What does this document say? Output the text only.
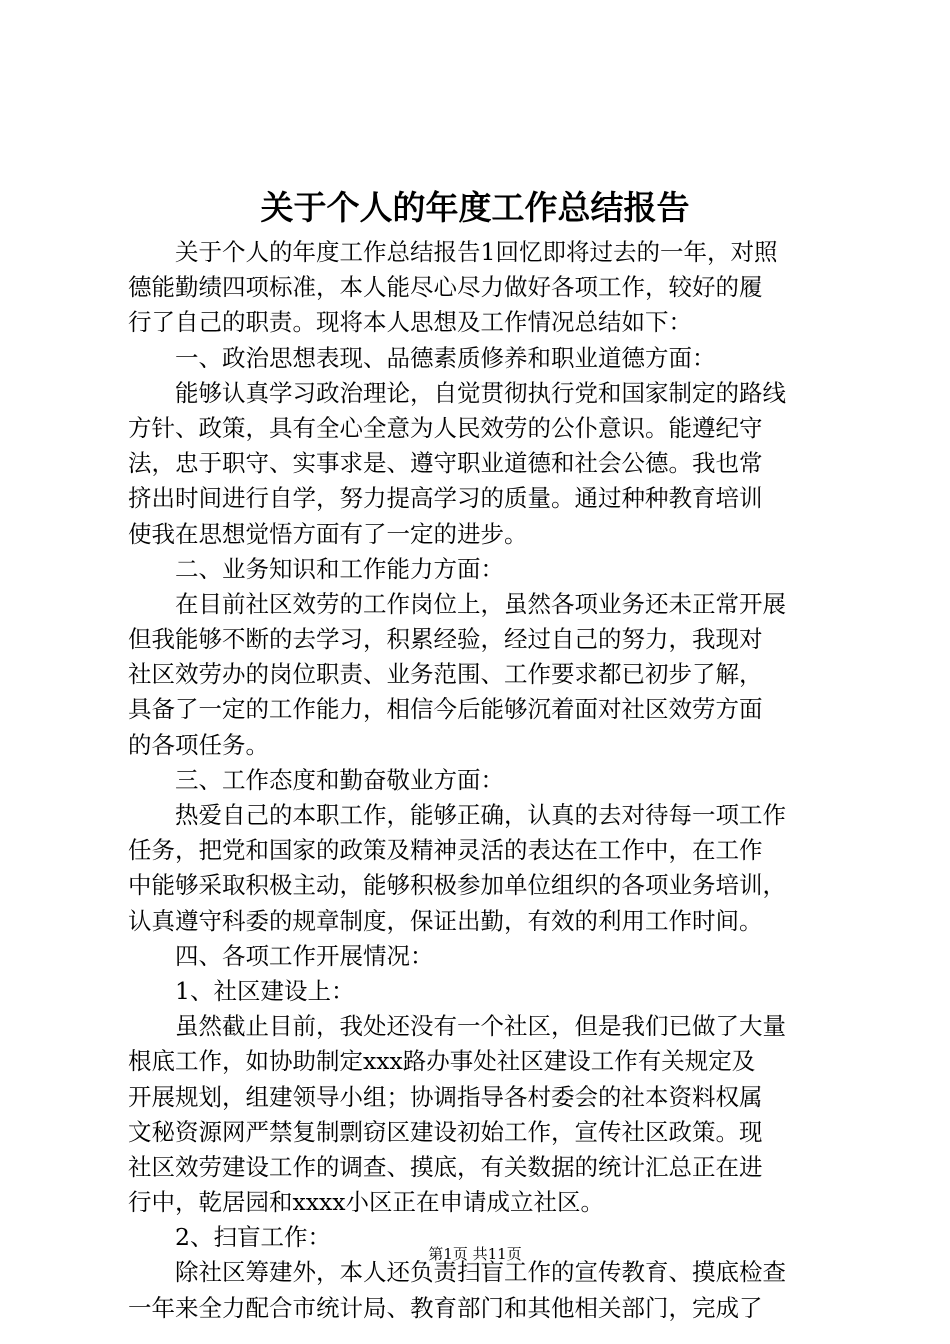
关于个人的年度工作总结报告
关于个人的年度工作总结报告1回忆即将过去的一年，对照
德能勤绩四项标准，本人能尽心尽力做好各项工作，较好的履
行了自己的职责。现将本人思想及工作情况总结如下：
一、政治思想表现、品德素质修养和职业道德方面：
能够认真学习政治理论，自觉贯彻执行党和国家制定的路线
方针、政策，具有全心全意为人民效劳的公仆意识。能遵纪守
法，忠于职守、实事求是、遵守职业道德和社会公德。我也常
挤出时间进行自学，努力提高学习的质量。通过种种教育培训
使我在思想觉悟方面有了一定的进步。
二、业务知识和工作能力方面：
在目前社区效劳的工作岗位上，虽然各项业务还未正常开展
但我能够不断的去学习，积累经验，经过自己的努力，我现对
社区效劳办的岗位职责、业务范围、工作要求都已初步了解，
具备了一定的工作能力，相信今后能够沉着面对社区效劳方面
的各项任务。
三、工作态度和勤奋敬业方面：
热爱自己的本职工作，能够正确，认真的去对待每一项工作
任务，把党和国家的政策及精神灵活的表达在工作中，在工作
中能够采取积极主动，能够积极参加单位组织的各项业务培训，
认真遵守科委的规章制度，保证出勤，有效的利用工作时间。
四、各项工作开展情况：
1、社区建设上：
虽然截止目前，我处还没有一个社区，但是我们已做了大量
根底工作，如协助制定xxx路办事处社区建设工作有关规定及
开展规划，组建领导小组；协调指导各村委会的社本资料权属
文秘资源网严禁复制剽窃区建设初始工作，宣传社区政策。现
社区效劳建设工作的调查、摸底，有关数据的统计汇总正在进
行中，乾居园和xxxx小区正在申请成立社区。
2、扫盲工作：
除社区筹建外，本人还负责扫盲工作的宣传教育、摸底检查
一年来全力配合市统计局、教育部门和其他相关部门，完成了
第1页 共11页
